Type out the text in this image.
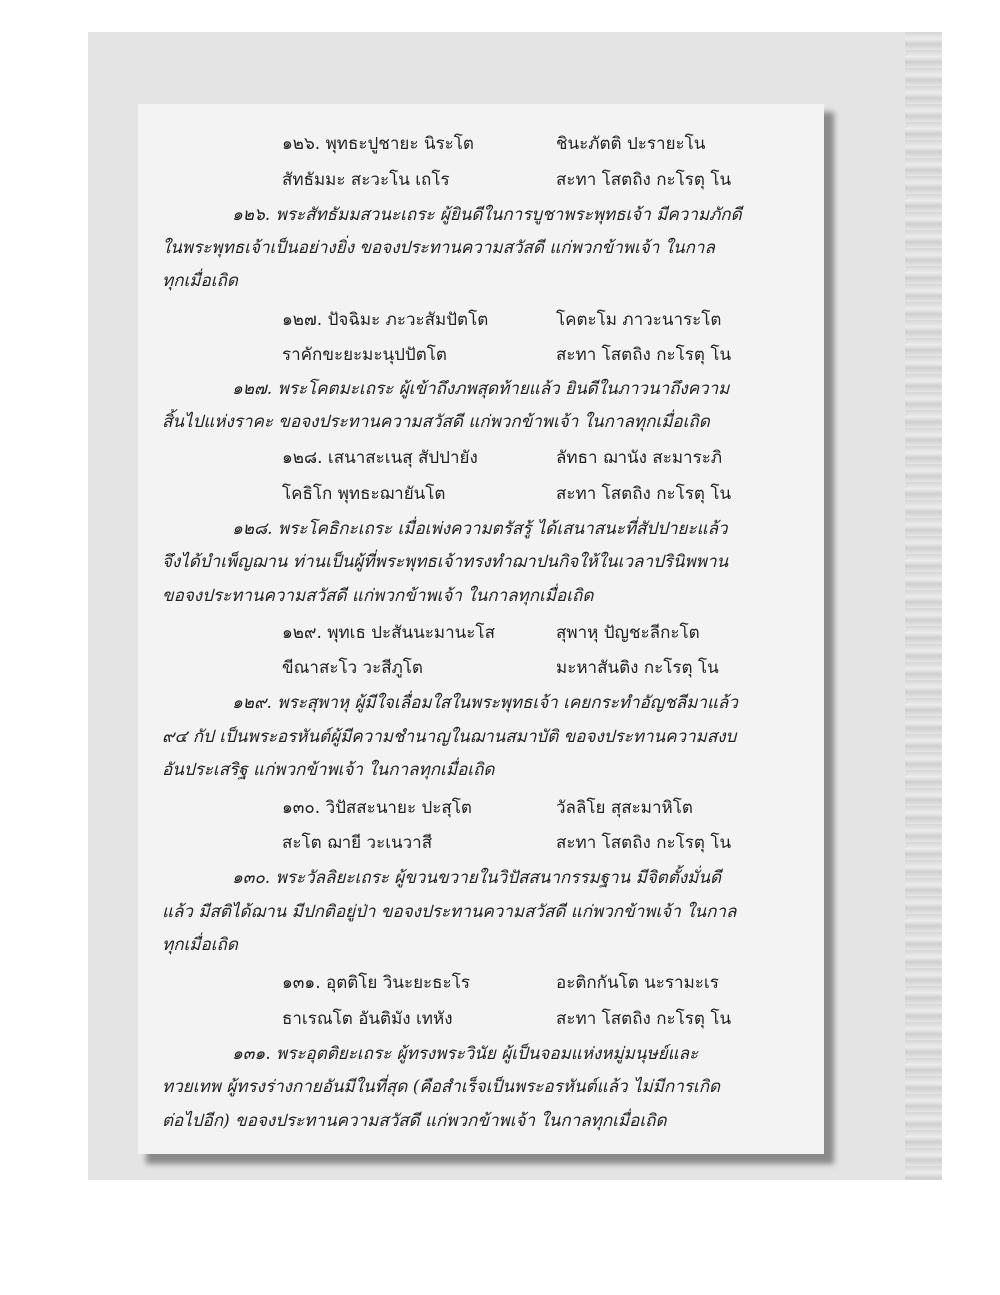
๑๒๖. พุทธะปูชายะ นิระโต	ชินะภัตติ ปะรายะโน
สัทธัมมะ สะวะโน เถโร	สะทา โสตถิง กะโรตุ โน
๑๒๖. พระสัทธัมมสวนะเถระ ผู้ยินดีในการบูชาพระพุทธเจ้า มีความภักดี
ในพระพุทธเจ้าเป็นอย่างยิ่ง ขอจงประทานความสวัสดี แก่พวกข้าพเจ้า ในกาล
ทุกเมื่อเถิด
๑๒๗. ปัจฉิมะ ภะวะสัมปัตโต	โคตะโม ภาวะนาระโต
ราคักขะยะมะนุปปัตโต	สะทา โสตถิง กะโรตุ โน
๑๒๗. พระโคตมะเถระ ผู้เข้าถึงภพสุดท้ายแล้ว ยินดีในภาวนาถึงความ
สิ้นไปแห่งราคะ ขอจงประทานความสวัสดี แก่พวกข้าพเจ้า ในกาลทุกเมื่อเถิด
๑๒๘. เสนาสะเนสุ สัปปายัง	ลัทธา ฌานัง สะมาระภิ
โคธิโก พุทธะฌายันโต	สะทา โสตถิง กะโรตุ โน
๑๒๘. พระโคธิกะเถระ เมื่อเพ่งความตรัสรู้ ได้เสนาสนะที่สัปปายะแล้ว
จึงได้บำเพ็ญฌาน ท่านเป็นผู้ที่พระพุทธเจ้าทรงทำฌาปนกิจให้ในเวลาปรินิพพาน
ขอจงประทานความสวัสดี แก่พวกข้าพเจ้า ในกาลทุกเมื่อเถิด
๑๒๙. พุทเธ ปะสันนะมานะโส	สุพาหุ ปัญชะลีกะโต
ขีณาสะโว วะสีภูโต	มะหาสันติง กะโรตุ โน
๑๒๙. พระสุพาหุ ผู้มีใจเลื่อมใสในพระพุทธเจ้า เคยกระทำอัญชลีมาแล้ว
๙๔ กัป เป็นพระอรหันต์ผู้มีความชำนาญในฌานสมาบัติ ขอจงประทานความสงบ
อันประเสริฐ แก่พวกข้าพเจ้า ในกาลทุกเมื่อเถิด
๑๓๐. วิปัสสะนายะ ปะสุโต	วัลลิโย สุสะมาหิโต
สะโต ฌายี วะเนวาสี	สะทา โสตถิง กะโรตุ โน
๑๓๐. พระวัลลิยะเถระ ผู้ขวนขวายในวิปัสสนากรรมฐาน มีจิตตั้งมั่นดี
แล้ว มีสติได้ฌาน มีปกติอยู่ป่า ขอจงประทานความสวัสดี แก่พวกข้าพเจ้า ในกาล
ทุกเมื่อเถิด
๑๓๑. อุตติโย วินะยะธะโร	อะติกกันโต นะรามะเร
ธาเรณโต อันติมัง เทหัง	สะทา โสตถิง กะโรตุ โน
๑๓๑. พระอุตติยะเถระ ผู้ทรงพระวินัย ผู้เป็นจอมแห่งหมู่มนุษย์และ
ทวยเทพ ผู้ทรงร่างกายอันมีในที่สุด (คือสำเร็จเป็นพระอรหันต์แล้ว ไม่มีการเกิด
ต่อไปอีก) ขอจงประทานความสวัสดี แก่พวกข้าพเจ้า ในกาลทุกเมื่อเถิด
